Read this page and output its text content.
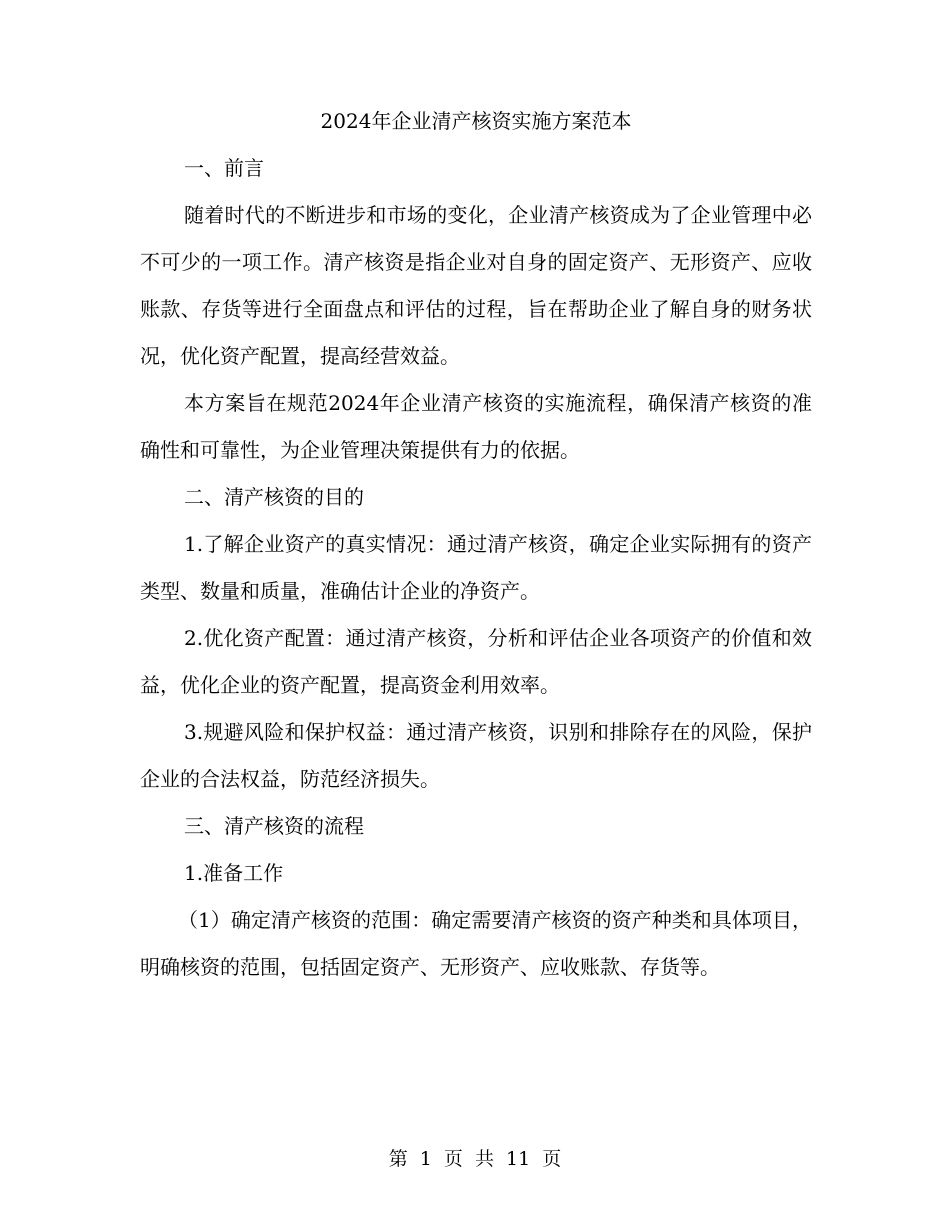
2024年企业清产核资实施方案范本

一、前言

随着时代的不断进步和市场的变化，企业清产核资成为了企业管理中必不可少的一项工作。清产核资是指企业对自身的固定资产、无形资产、应收账款、存货等进行全面盘点和评估的过程，旨在帮助企业了解自身的财务状况，优化资产配置，提高经营效益。

本方案旨在规范2024年企业清产核资的实施流程，确保清产核资的准确性和可靠性，为企业管理决策提供有力的依据。

二、清产核资的目的

1.了解企业资产的真实情况：通过清产核资，确定企业实际拥有的资产类型、数量和质量，准确估计企业的净资产。

2.优化资产配置：通过清产核资，分析和评估企业各项资产的价值和效益，优化企业的资产配置，提高资金利用效率。

3.规避风险和保护权益：通过清产核资，识别和排除存在的风险，保护企业的合法权益，防范经济损失。

三、清产核资的流程

1.准备工作

（1）确定清产核资的范围：确定需要清产核资的资产种类和具体项目，明确核资的范围，包括固定资产、无形资产、应收账款、存货等。

第 1 页 共 11 页
